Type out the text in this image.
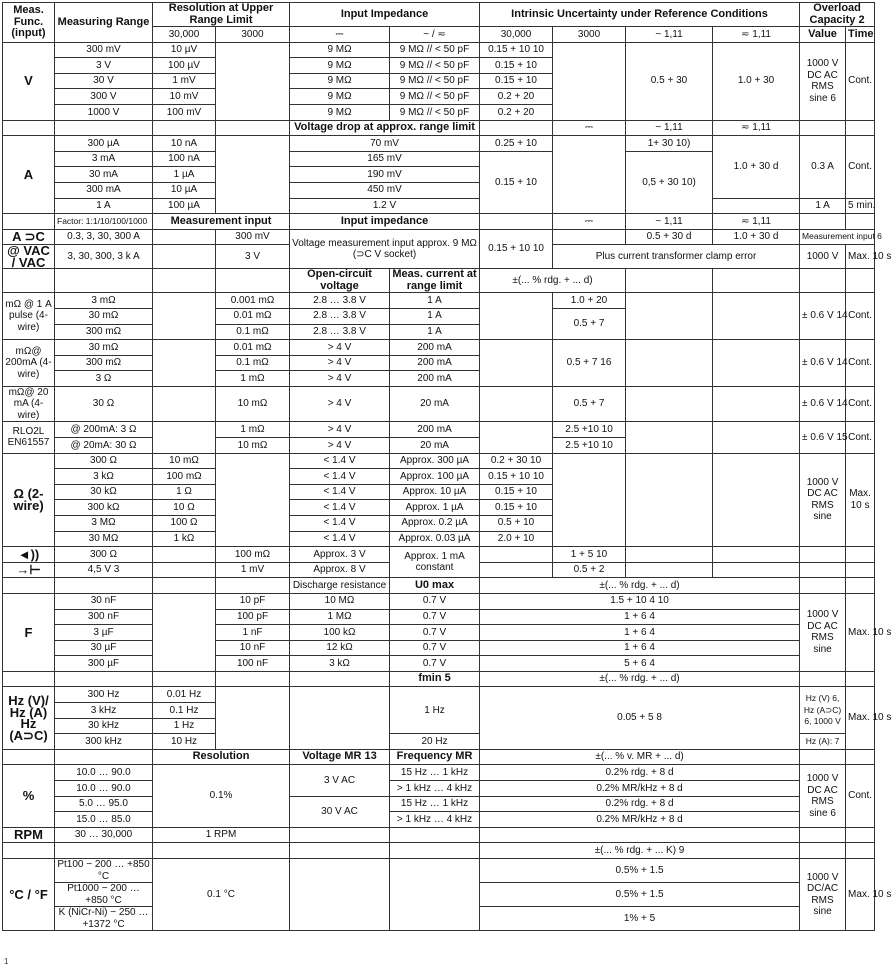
Meas. Func. (input)	Measuring Range	Resolution at Upper Range Limit		Input Impedance		Intrinsic Uncertainty under Reference Conditions				Overload Capacity 2	
		30,000	3000	⎓	~ / ≂	30,000	3000	~ 1,11	≂ 1,11	Value	Time
V	300 mV	10 µV		9 MΩ	9 MΩ // < 50 pF	0.15 + 10 10		0.5 + 30	1.0 + 30	1000 V DC AC RMS sine 6	Cont.
	3 V	100 µV		9 MΩ	9 MΩ // < 50 pF	0.15 + 10					
	30 V	1 mV		9 MΩ	9 MΩ // < 50 pF	0.15 + 10					
	300 V	10 mV		9 MΩ	9 MΩ // < 50 pF	0.2 + 20					
	1000 V	100 mV		9 MΩ	9 MΩ // < 50 pF	0.2 + 20					
				Voltage drop at approx. range limit			⎓	~ 1,11	≂ 1,11		
A	300 µA	10 nA		70 mV		0.25 + 10		1+ 30 10)	1.0 + 30 d	0.3 A	Cont.
	3 mA	100 nA		165 mV		0.15 + 10		0,5 + 30 10)			
	30 mA	1 µA		190 mV							
	300 mA	10 µA		450 mV							
	1 A	100 µA		1.2 V						1 A	5 min.
	Factor: 1:1/10/100/1000	Measurement input		Input impedance			⎓	~ 1,11	≂ 1,11		
A ⊃C	0.3, 3, 30, 300 A		300 mV	Voltage measurement input approx. 9 MΩ (⊃C V socket)		0.15 + 10 10		0.5 + 30 d	1.0 + 30 d	Measurement input 6	
@ VAC / VAC	3, 30, 300, 3 k A		3 V				Plus current transformer clamp error			1000 V	Max. 10 s
				Open-circuit voltage	Meas. current at range limit	±(... % rdg. + ... d)					
mΩ @ 1 A pulse (4-wire)	3 mΩ		0.001 mΩ	2.8 … 3.8 V	1 A		1.0 + 20			± 0.6 V 14	Cont.
	30 mΩ		0.01 mΩ	2.8 … 3.8 V	1 A		0.5 + 7				
	300 mΩ		0.1 mΩ	2.8 … 3.8 V	1 A						
mΩ@ 200mA (4-wire)	30 mΩ		0.01 mΩ	> 4 V	200 mA		0.5 + 7 16			± 0.6 V 14	Cont.
	300 mΩ		0.1 mΩ	> 4 V	200 mA						
	3 Ω		1 mΩ	> 4 V	200 mA						
mΩ@ 20 mA (4-wire)	30 Ω		10 mΩ	> 4 V	20 mA		0.5 + 7			± 0.6 V 14	Cont.
RLO2L EN61557	@ 200mA: 3 Ω		1 mΩ	> 4 V	200 mA		2.5 +10 10			± 0.6 V 15	Cont.
	@ 20mA: 30 Ω		10 mΩ	> 4 V	20 mA		2.5 +10 10				
Ω (2-wire)	300 Ω	10 mΩ		< 1.4 V	Approx. 300 µA	0.2 + 30 10				1000 V DC AC RMS sine	Max. 10 s
	3 kΩ	100 mΩ		< 1.4 V	Approx. 100 µA	0.15 + 10 10					
	30 kΩ	1 Ω		< 1.4 V	Approx. 10 µA	0.15 + 10					
	300 kΩ	10 Ω		< 1.4 V	Approx. 1 µA	0.15 + 10					
	3 MΩ	100 Ω		< 1.4 V	Approx. 0.2 µA	0.5 + 10					
	30 MΩ	1 kΩ		< 1.4 V	Approx. 0.03 µA	2.0 + 10					
◄))	300 Ω		100 mΩ	Approx. 3 V	Approx. 1 mA constant		1 + 5 10				
→⊢	4,5 V 3		1 mV	Approx. 8 V			0.5 + 2				
				Discharge resistance	U0 max	±(... % rdg. + ... d)					
F	30 nF		10 pF	10 MΩ	0.7 V	1.5 + 10 4 10				1000 V DC AC RMS sine	Max. 10 s
	300 nF		100 pF	1 MΩ	0.7 V	1 + 6 4					
	3 µF		1 nF	100 kΩ	0.7 V	1 + 6 4					
	30 µF		10 nF	12 kΩ	0.7 V	1 + 6 4					
	300 µF		100 nF	3 kΩ	0.7 V	5 + 6 4					
					fmin 5	±(... % rdg. + ... d)					
Hz (V)/ Hz (A) Hz (A⊃C)	300 Hz	0.01 Hz			1 Hz	0.05 + 5 8				Hz (V) 6, Hz (A⊃C) 6, 1000 V	Max. 10 s
	3 kHz	0.1 Hz									
	30 kHz	1 Hz									
	300 kHz	10 Hz			20 Hz					Hz (A): 7	
		Resolution		Voltage MR 13	Frequency MR	±(... % v. MR + ... d)					
%	10.0 … 90.0	0.1%		3 V AC	15 Hz … 1 kHz	0.2% rdg. + 8 d				1000 V DC AC RMS sine 6	Cont.
	10.0 … 90.0				> 1 kHz … 4 kHz	0.2% MR/kHz + 8 d					
	5.0 … 95.0			30 V AC	15 Hz … 1 kHz	0.2% rdg. + 8 d					
	15.0 … 85.0				> 1 kHz … 4 kHz	0.2% MR/kHz + 8 d					
RPM	30 … 30,000	1 RPM									
						±(... % rdg. + ... K) 9					
°C / °F	Pt100 − 200 … +850 °C	0.1 °C				0.5% + 1.5				1000 V DC/AC RMS sine	Max. 10 s
	Pt1000 − 200 … +850 °C					0.5% + 1.5					
	K (NiCr-Ni) − 250 … +1372 °C					1% + 5					
1
